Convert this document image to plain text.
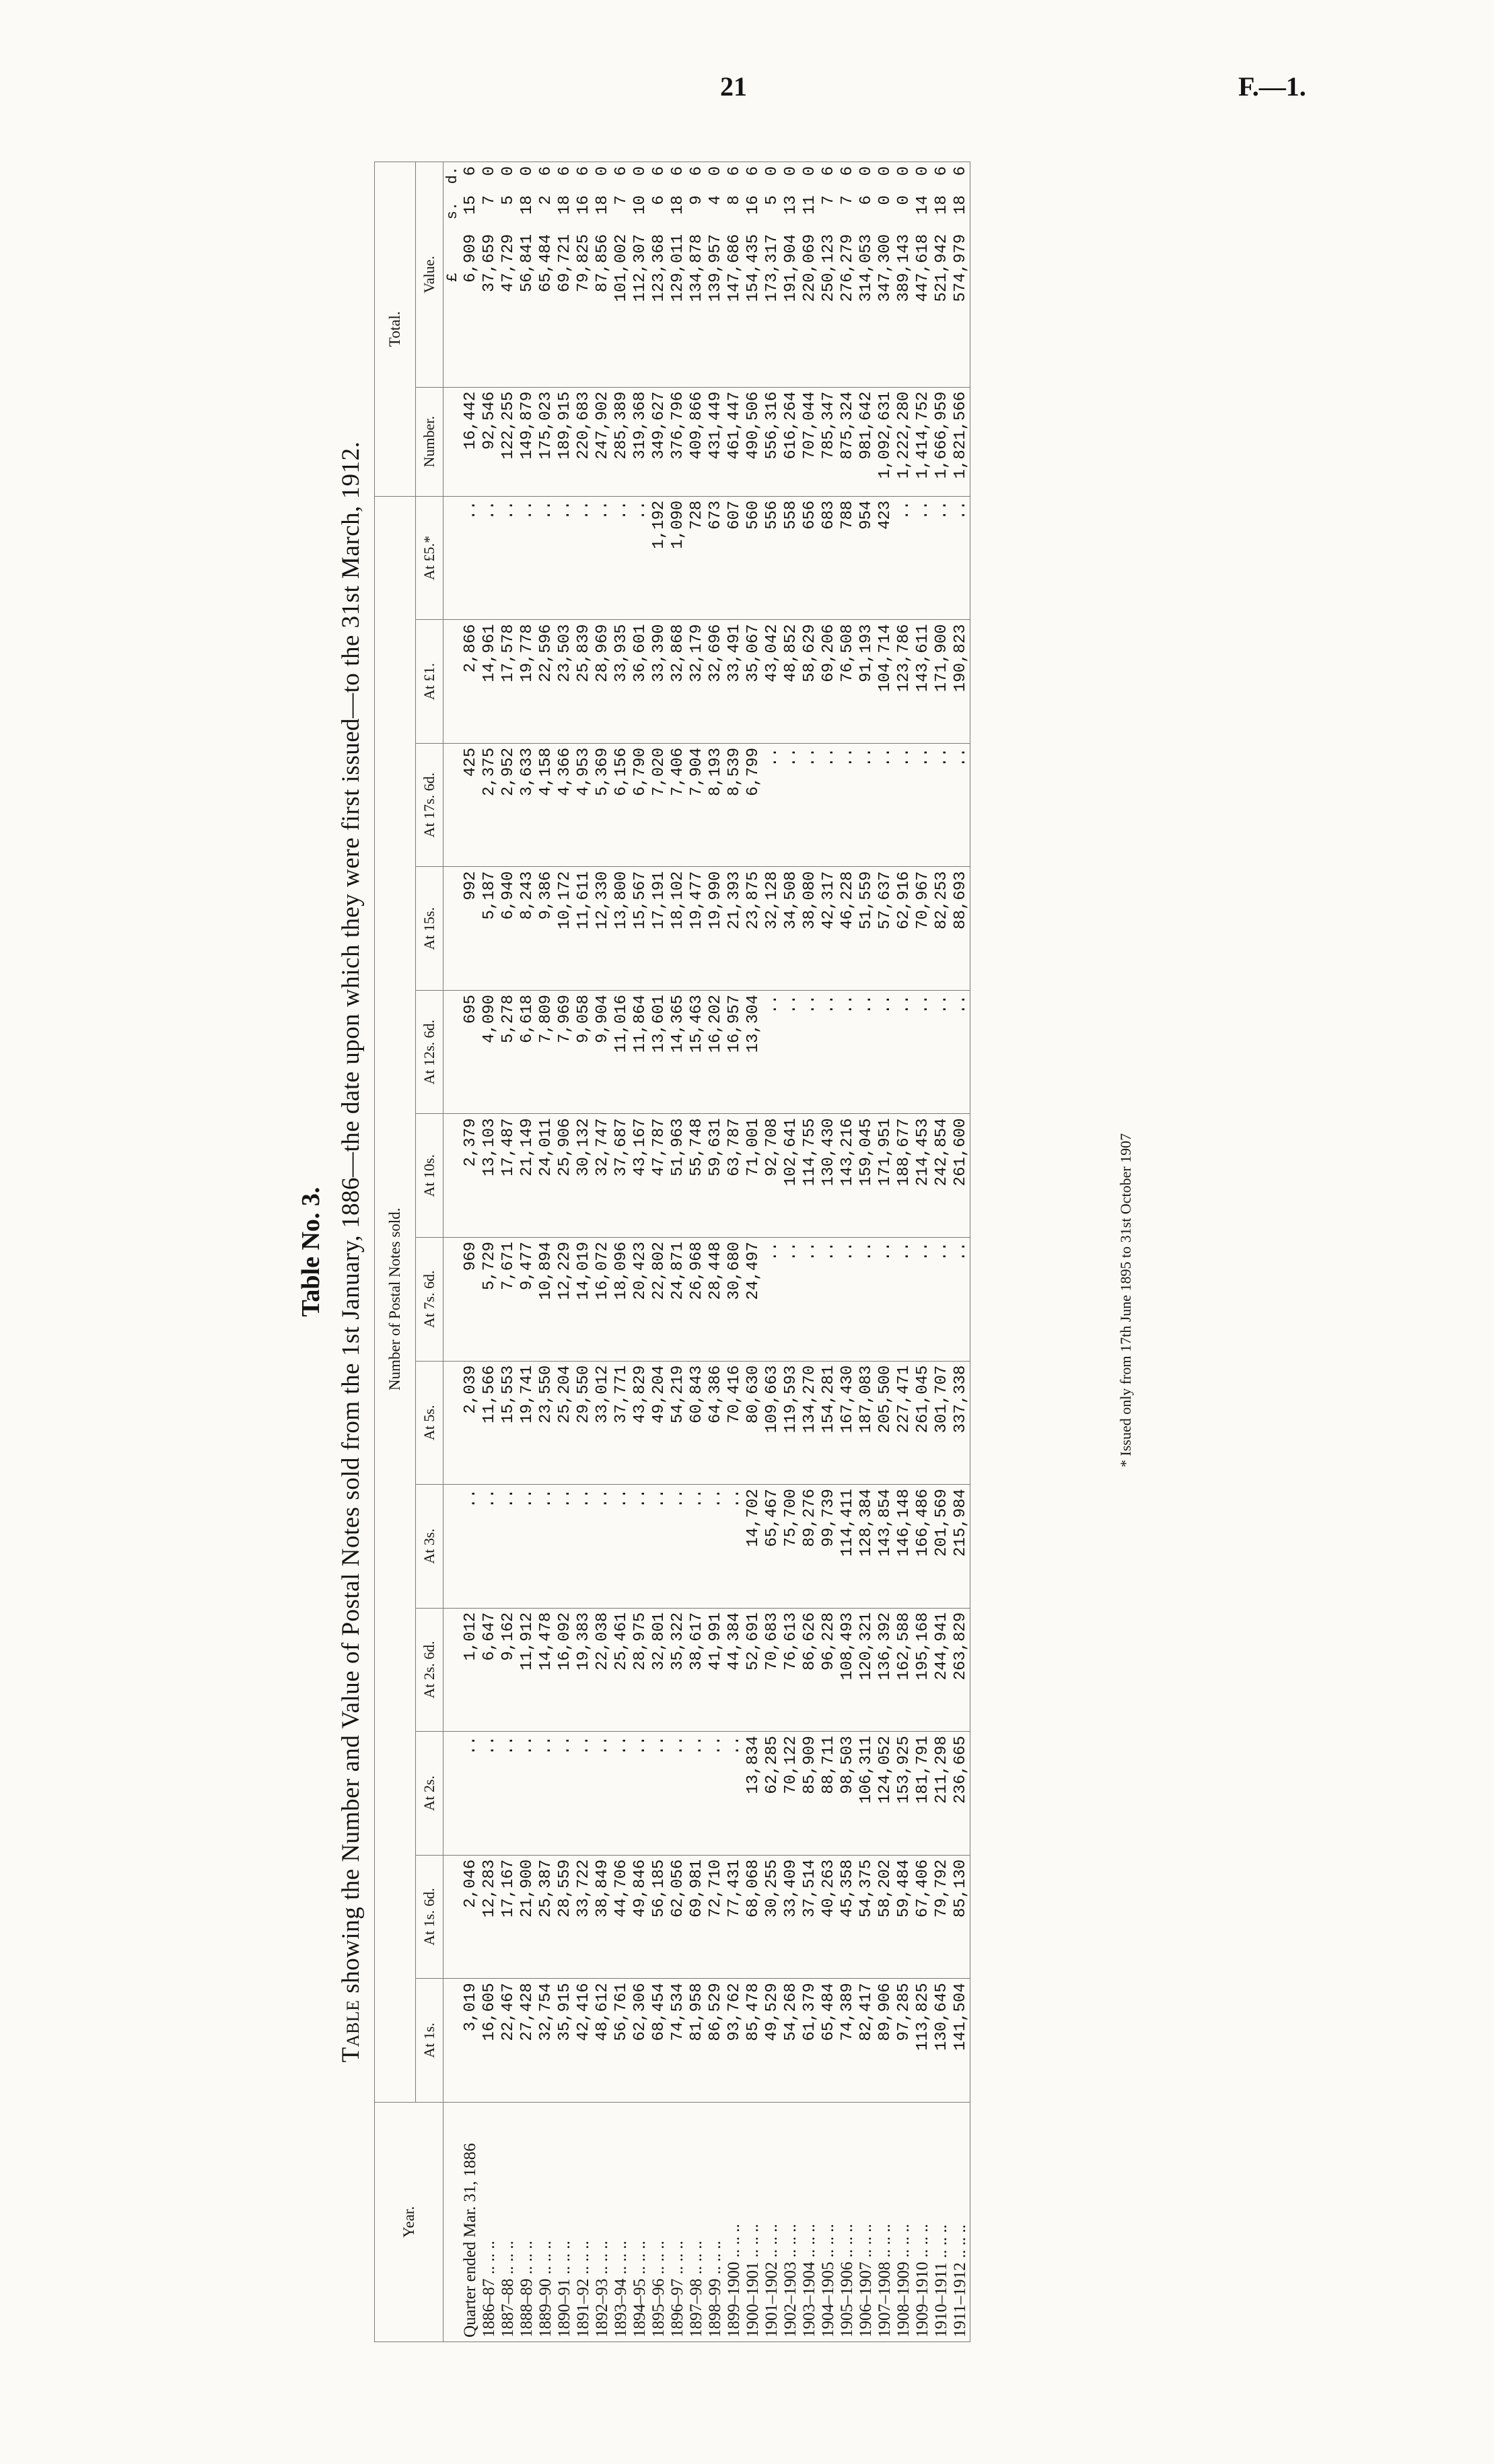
21	F.—1.
Table No. 3.
Table showing the Number and Value of Postal Notes sold from the 1st January, 1886—the date upon which they were first issued—to the 31st March, 1912.
Year.	Number of Postal Notes sold.													Total.	
	At 1s.	At 1s. 6d.	At 2s.	At 2s. 6d.	At 3s.	At 5s.	At 7s. 6d.	At 10s.	At 12s. 6d.	At 15s.	At 17s. 6d.	At £1.	At £5.*	Number.	Value.
															£      s.  d.
Quarter ended Mar. 31, 1886	3,019	2,046	..	1,012	..	2,039	969	2,379	695	992	425	2,866	..	16,442	6,909  15  6
1886–87 .. .. ..	16,605	12,283	..	6,647	..	11,566	5,729	13,103	4,090	5,187	2,375	14,961	..	92,546	37,659   7  0
1887–88 .. .. ..	22,467	17,167	..	9,162	..	15,553	7,671	17,487	5,278	6,940	2,952	17,578	..	122,255	47,729   5  0
1888–89 .. .. ..	27,428	21,900	..	11,912	..	19,741	9,477	21,149	6,618	8,243	3,633	19,778	..	149,879	56,841  18  0
1889–90 .. .. ..	32,754	25,387	..	14,478	..	23,550	10,894	24,011	7,809	9,386	4,158	22,596	..	175,023	65,484   2  6
1890–91 .. .. ..	35,915	28,559	..	16,092	..	25,204	12,229	25,906	7,969	10,172	4,366	23,503	..	189,915	69,721  18  6
1891–92 .. .. ..	42,416	33,722	..	19,383	..	29,550	14,019	30,132	9,058	11,611	4,953	25,839	..	220,683	79,825  16  6
1892–93 .. .. ..	48,612	38,849	..	22,038	..	33,012	16,072	32,747	9,904	12,330	5,369	28,969	..	247,902	87,856  18  0
1893–94 .. .. ..	56,761	44,706	..	25,461	..	37,771	18,096	37,687	11,016	13,800	6,156	33,935	..	285,389	101,002   7  6
1894–95 .. .. ..	62,306	49,846	..	28,975	..	43,829	20,423	43,167	11,864	15,567	6,790	36,601	..	319,368	112,307  10  0
1895–96 .. .. ..	68,454	56,185	..	32,801	..	49,204	22,802	47,787	13,601	17,191	7,020	33,390	1,192	349,627	123,368   6  6
1896–97 .. .. ..	74,534	62,056	..	35,322	..	54,219	24,871	51,963	14,365	18,102	7,406	32,868	1,090	376,796	129,011  18  6
1897–98 .. .. ..	81,958	69,981	..	38,617	..	60,843	26,968	55,748	15,463	19,477	7,904	32,179	728	409,866	134,878   9  6
1898–99 .. .. ..	86,529	72,710	..	41,991	..	64,386	28,448	59,631	16,202	19,990	8,193	32,696	673	431,449	139,957   4  0
1899–1900 .. .. ..	93,762	77,431	..	44,384	..	70,416	30,680	63,787	16,957	21,393	8,539	33,491	607	461,447	147,686   8  6
1900–1901 .. .. ..	85,478	68,068	13,834	52,691	14,702	80,630	24,497	71,001	13,304	23,875	6,799	35,067	560	490,506	154,435  16  6
1901–1902 .. .. ..	49,529	30,255	62,285	70,683	65,467	109,663	..	92,708	..	32,128	..	43,042	556	556,316	173,317   5  0
1902–1903 .. .. ..	54,268	33,409	70,122	76,613	75,700	119,593	..	102,641	..	34,508	..	48,852	558	616,264	191,904  13  0
1903–1904 .. .. ..	61,379	37,514	85,909	86,626	89,276	134,270	..	114,755	..	38,080	..	58,629	656	707,044	220,069  11  0
1904–1905 .. .. ..	65,484	40,263	88,711	96,228	99,739	154,281	..	130,430	..	42,317	..	69,206	683	785,347	250,123   7  6
1905–1906 .. .. ..	74,389	45,358	98,503	108,493	114,411	167,430	..	143,216	..	46,228	..	76,508	788	875,324	276,279   7  6
1906–1907 .. .. ..	82,417	54,375	106,311	120,321	128,384	187,083	..	159,045	..	51,559	..	91,193	954	981,642	314,053   6  0
1907–1908 .. .. ..	89,906	58,202	124,052	136,392	143,854	205,500	..	171,951	..	57,637	..	104,714	423	1,092,631	347,300   0  0
1908–1909 .. .. ..	97,285	59,484	153,925	162,588	146,148	227,471	..	188,677	..	62,916	..	123,786	..	1,222,280	389,143   0  0
1909–1910 .. .. ..	113,825	67,406	181,791	195,168	166,486	261,045	..	214,453	..	70,967	..	143,611	..	1,414,752	447,618  14  0
1910–1911 .. .. ..	130,645	79,792	211,298	244,941	201,569	301,707	..	242,854	..	82,253	..	171,900	..	1,666,959	521,942  18  6
1911–1912 .. .. ..	141,504	85,130	236,665	263,829	215,984	337,338	..	261,600	..	88,693	..	190,823	..	1,821,566	574,979  18  6
* Issued only from 17th June 1895 to 31st October 1907
